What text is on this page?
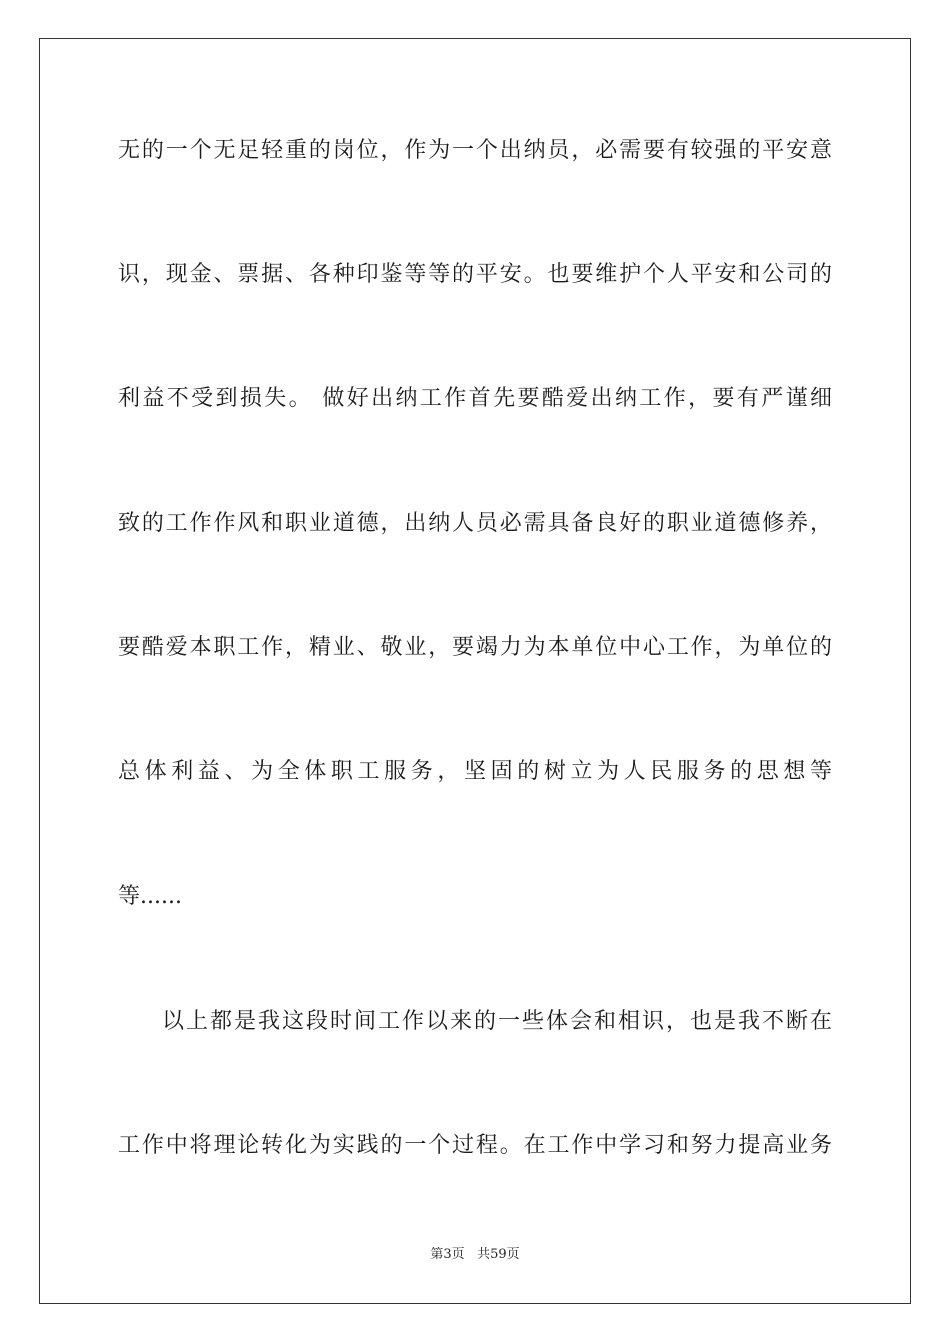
无的一个无足轻重的岗位，作为一个出纳员，必需要有较强的平安意
识，现金、票据、各种印鉴等等的平安。也要维护个人平安和公司的
利益不受到损失。 做好出纳工作首先要酷爱出纳工作，要有严谨细
致的工作作风和职业道德，出纳人员必需具备良好的职业道德修养，
要酷爱本职工作，精业、敬业，要竭力为本单位中心工作，为单位的
总体利益、为全体职工服务，坚固的树立为人民服务的思想等
等......
以上都是我这段时间工作以来的一些体会和相识，也是我不断在
工作中将理论转化为实践的一个过程。在工作中学习和努力提高业务
第3页 共59页
